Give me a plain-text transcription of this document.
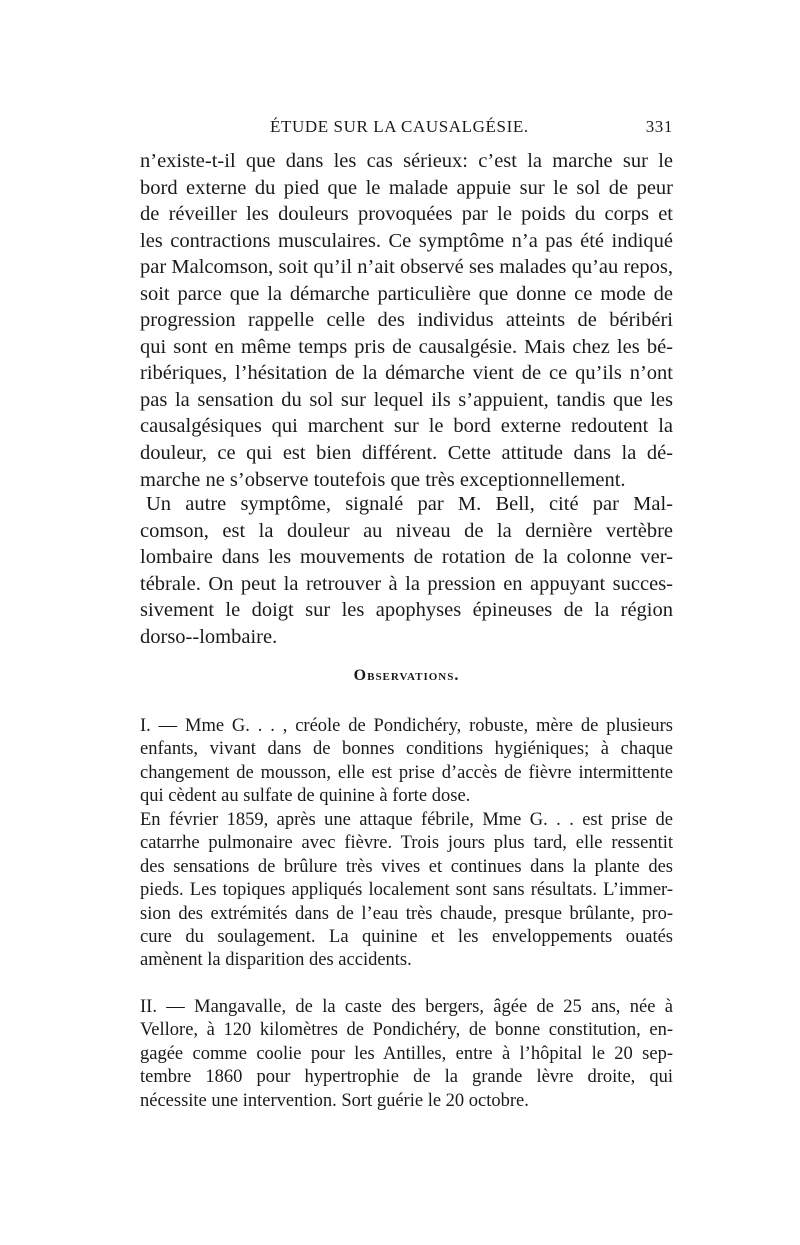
ÉTUDE SUR LA CAUSALGÉSIE.	331
n’existe-t-il que dans les cas sérieux: c’est la marche sur le
bord externe du pied que le malade appuie sur le sol de peur
de réveiller les douleurs provoquées par le poids du corps et
les contractions musculaires. Ce symptôme n’a pas été indiqué
par Malcomson, soit qu’il n’ait observé ses malades qu’au repos,
soit parce que la démarche particulière que donne ce mode de
progression rappelle celle des individus atteints de béribéri
qui sont en même temps pris de causalgésie. Mais chez les bé-
ribériques, l’hésitation de la démarche vient de ce qu’ils n’ont
pas la sensation du sol sur lequel ils s’appuient, tandis que les
causalgésiques qui marchent sur le bord externe redoutent la
douleur, ce qui est bien différent. Cette attitude dans la dé-
marche ne s’observe toutefois que très exceptionnellement.
Un autre symptôme, signalé par M. Bell, cité par Mal-
comson, est la douleur au niveau de la dernière vertèbre
lombaire dans les mouvements de rotation de la colonne ver-
tébrale. On peut la retrouver à la pression en appuyant succes-
sivement le doigt sur les apophyses épineuses de la région
dorso--lombaire.
Observations.
I. — Mme G. . . , créole de Pondichéry, robuste, mère de plusieurs
enfants, vivant dans de bonnes conditions hygiéniques; à chaque
changement de mousson, elle est prise d’accès de fièvre intermittente
qui cèdent au sulfate de quinine à forte dose.
En février 1859, après une attaque fébrile, Mme G. . . est prise de
catarrhe pulmonaire avec fièvre. Trois jours plus tard, elle ressentit
des sensations de brûlure très vives et continues dans la plante des
pieds. Les topiques appliqués localement sont sans résultats. L’immer-
sion des extrémités dans de l’eau très chaude, presque brûlante, pro-
cure du soulagement. La quinine et les enveloppements ouatés
amènent la disparition des accidents.
II. — Mangavalle, de la caste des bergers, âgée de 25 ans, née à
Vellore, à 120 kilomètres de Pondichéry, de bonne constitution, en-
gagée comme coolie pour les Antilles, entre à l’hôpital le 20 sep-
tembre 1860 pour hypertrophie de la grande lèvre droite, qui
nécessite une intervention. Sort guérie le 20 octobre.
